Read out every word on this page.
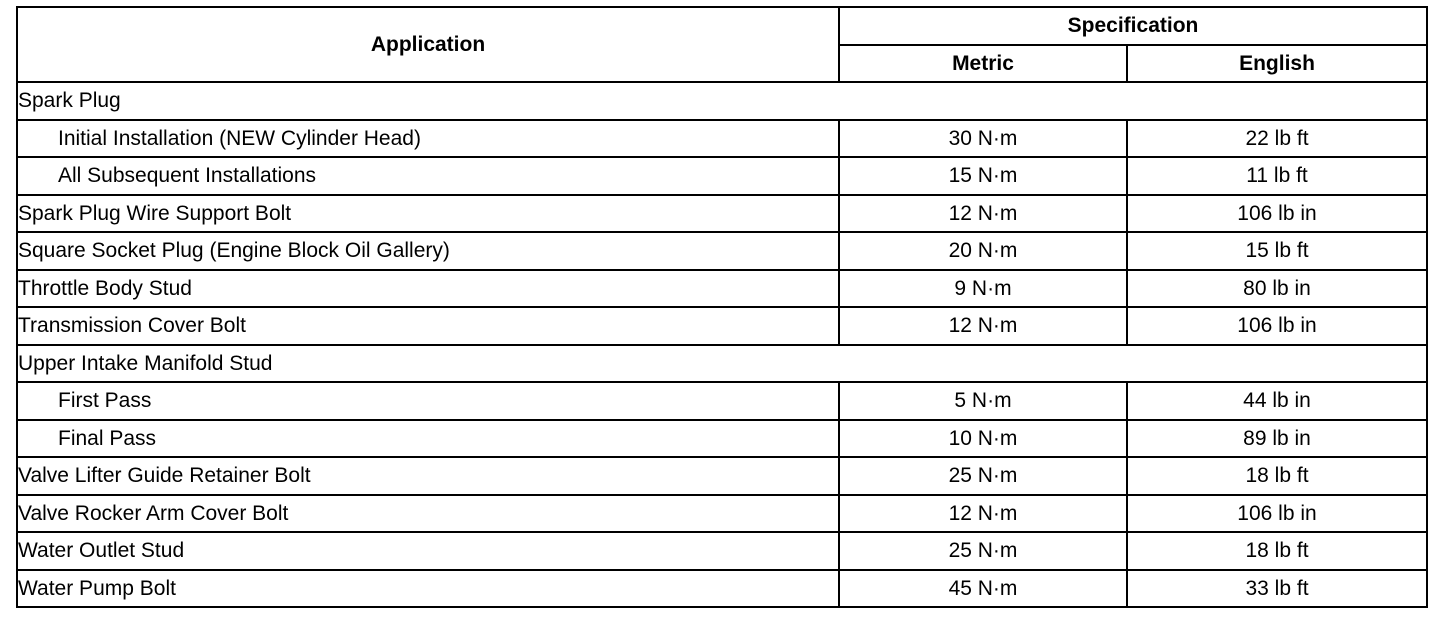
Application	Specification	
	Metric	English
Spark Plug		
Initial Installation (NEW Cylinder Head)	30 N·m	22 lb ft
All Subsequent Installations	15 N·m	11 lb ft
Spark Plug Wire Support Bolt	12 N·m	106 lb in
Square Socket Plug (Engine Block Oil Gallery)	20 N·m	15 lb ft
Throttle Body Stud	9 N·m	80 lb in
Transmission Cover Bolt	12 N·m	106 lb in
Upper Intake Manifold Stud		
First Pass	5 N·m	44 lb in
Final Pass	10 N·m	89 lb in
Valve Lifter Guide Retainer Bolt	25 N·m	18 lb ft
Valve Rocker Arm Cover Bolt	12 N·m	106 lb in
Water Outlet Stud	25 N·m	18 lb ft
Water Pump Bolt	45 N·m	33 lb ft
